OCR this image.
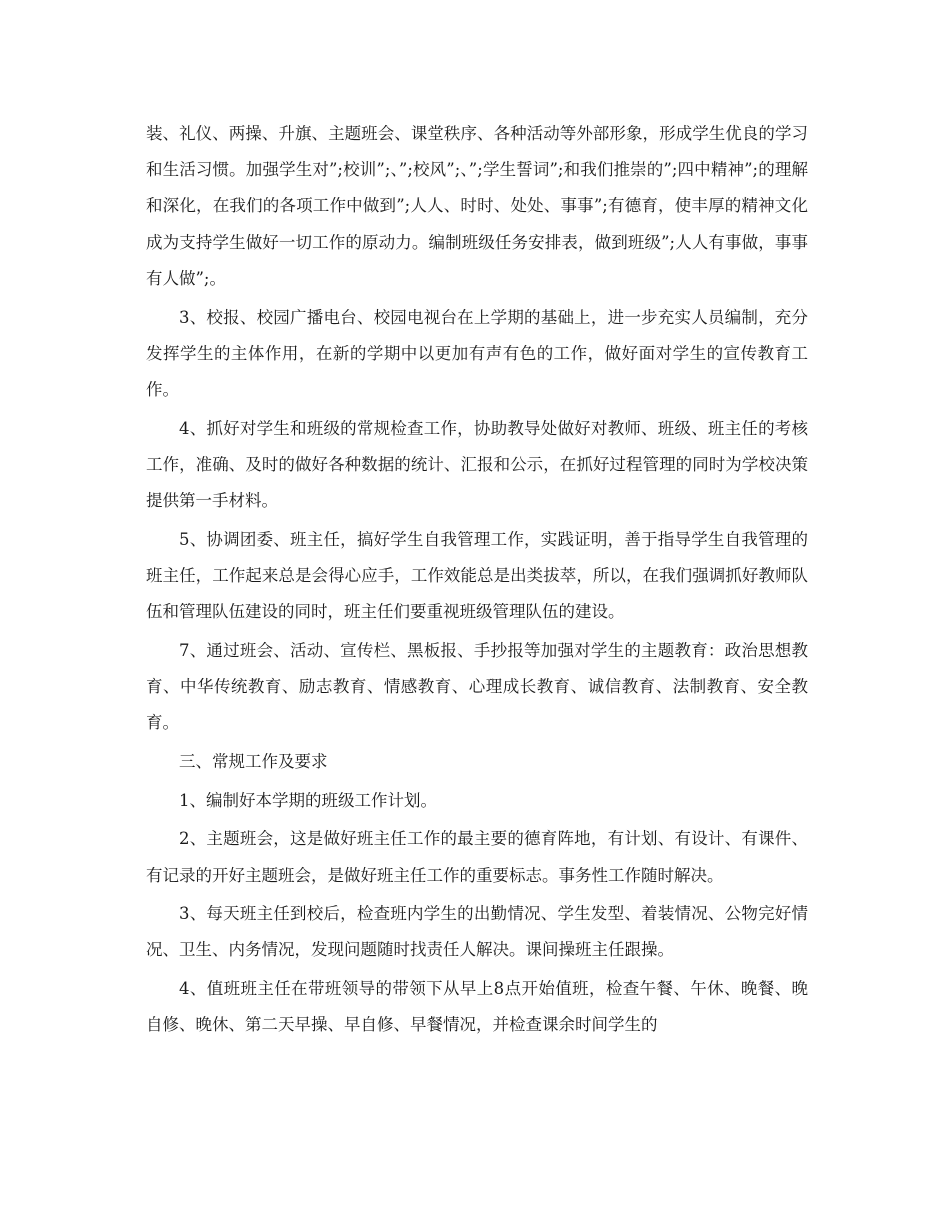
装、礼仪、两操、升旗、主题班会、课堂秩序、各种活动等外部形象，形成学生优良的学习和生活习惯。加强学生对”;校训”;、”;校风”;、”;学生誓词”;和我们推崇的”;四中精神”;的理解和深化，在我们的各项工作中做到”;人人、时时、处处、事事”;有德育，使丰厚的精神文化成为支持学生做好一切工作的原动力。编制班级任务安排表，做到班级”;人人有事做，事事有人做”;。

3、校报、校园广播电台、校园电视台在上学期的基础上，进一步充实人员编制，充分发挥学生的主体作用，在新的学期中以更加有声有色的工作，做好面对学生的宣传教育工作。

4、抓好对学生和班级的常规检查工作，协助教导处做好对教师、班级、班主任的考核工作，准确、及时的做好各种数据的统计、汇报和公示，在抓好过程管理的同时为学校决策提供第一手材料。

5、协调团委、班主任，搞好学生自我管理工作，实践证明，善于指导学生自我管理的班主任，工作起来总是会得心应手，工作效能总是出类拔萃，所以，在我们强调抓好教师队伍和管理队伍建设的同时，班主任们要重视班级管理队伍的建设。

7、通过班会、活动、宣传栏、黑板报、手抄报等加强对学生的主题教育：政治思想教育、中华传统教育、励志教育、情感教育、心理成长教育、诚信教育、法制教育、安全教育。

三、常规工作及要求

1、编制好本学期的班级工作计划。

2、主题班会，这是做好班主任工作的最主要的德育阵地，有计划、有设计、有课件、有记录的开好主题班会，是做好班主任工作的重要标志。事务性工作随时解决。

3、每天班主任到校后，检查班内学生的出勤情况、学生发型、着装情况、公物完好情况、卫生、内务情况，发现问题随时找责任人解决。课间操班主任跟操。

4、值班班主任在带班领导的带领下从早上8点开始值班，检查午餐、午休、晚餐、晚自修、晚休、第二天早操、早自修、早餐情况，并检查课余时间学生的
